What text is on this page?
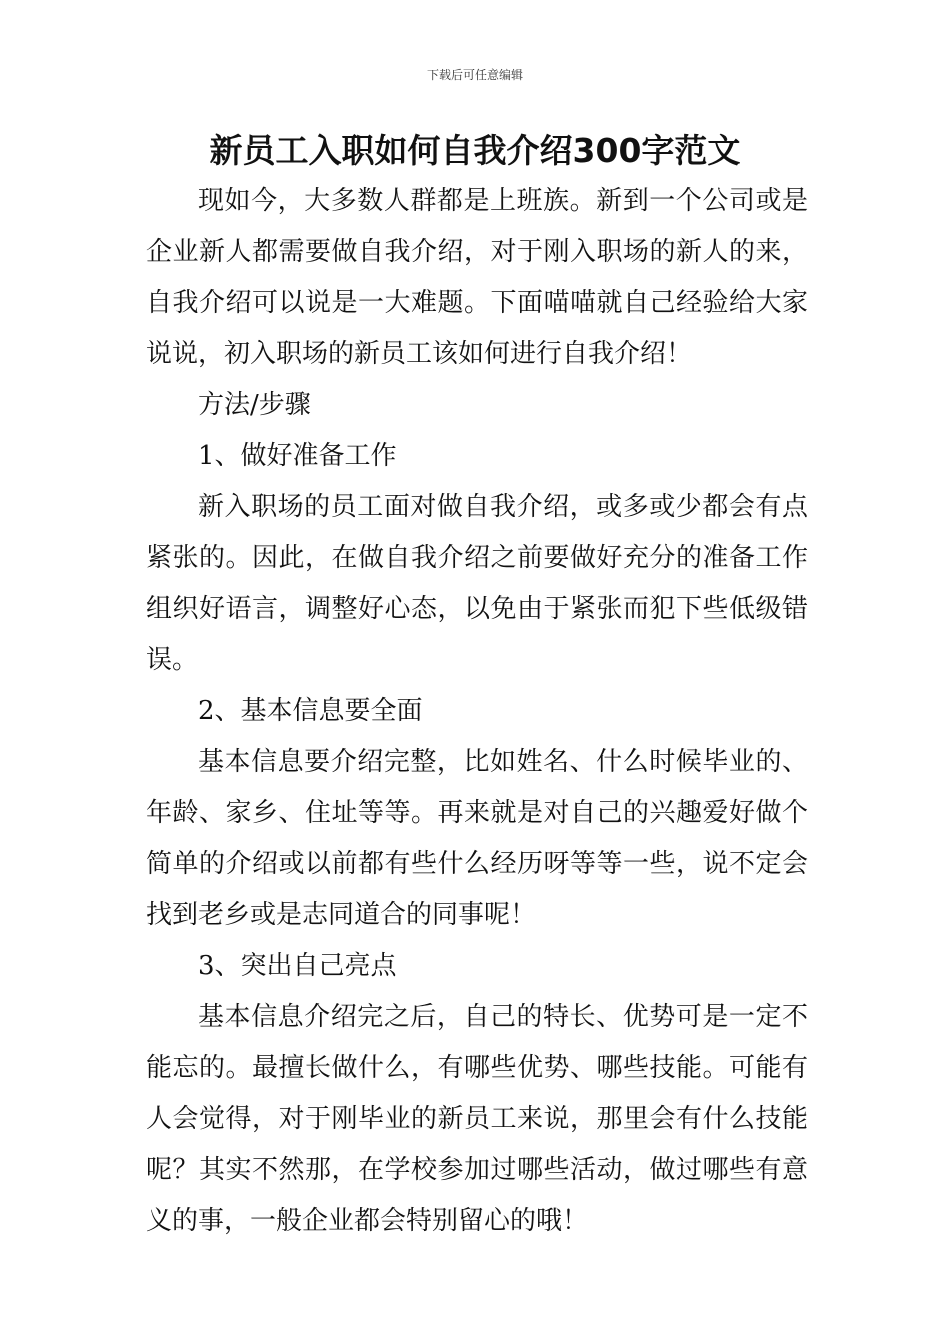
下载后可任意编辑
新员工入职如何自我介绍300字范文

现如今，大多数人群都是上班族。新到一个公司或是企业新人都需要做自我介绍，对于刚入职场的新人的来，自我介绍可以说是一大难题。下面喵喵就自己经验给大家说说，初入职场的新员工该如何进行自我介绍！

方法/步骤

1、做好准备工作

新入职场的员工面对做自我介绍，或多或少都会有点紧张的。因此，在做自我介绍之前要做好充分的准备工作组织好语言，调整好心态，以免由于紧张而犯下些低级错误。

2、基本信息要全面

基本信息要介绍完整，比如姓名、什么时候毕业的、年龄、家乡、住址等等。再来就是对自己的兴趣爱好做个简单的介绍或以前都有些什么经历呀等等一些，说不定会找到老乡或是志同道合的同事呢！

3、突出自己亮点

基本信息介绍完之后，自己的特长、优势可是一定不能忘的。最擅长做什么，有哪些优势、哪些技能。可能有人会觉得，对于刚毕业的新员工来说，那里会有什么技能呢？其实不然那，在学校参加过哪些活动，做过哪些有意义的事，一般企业都会特别留心的哦！
